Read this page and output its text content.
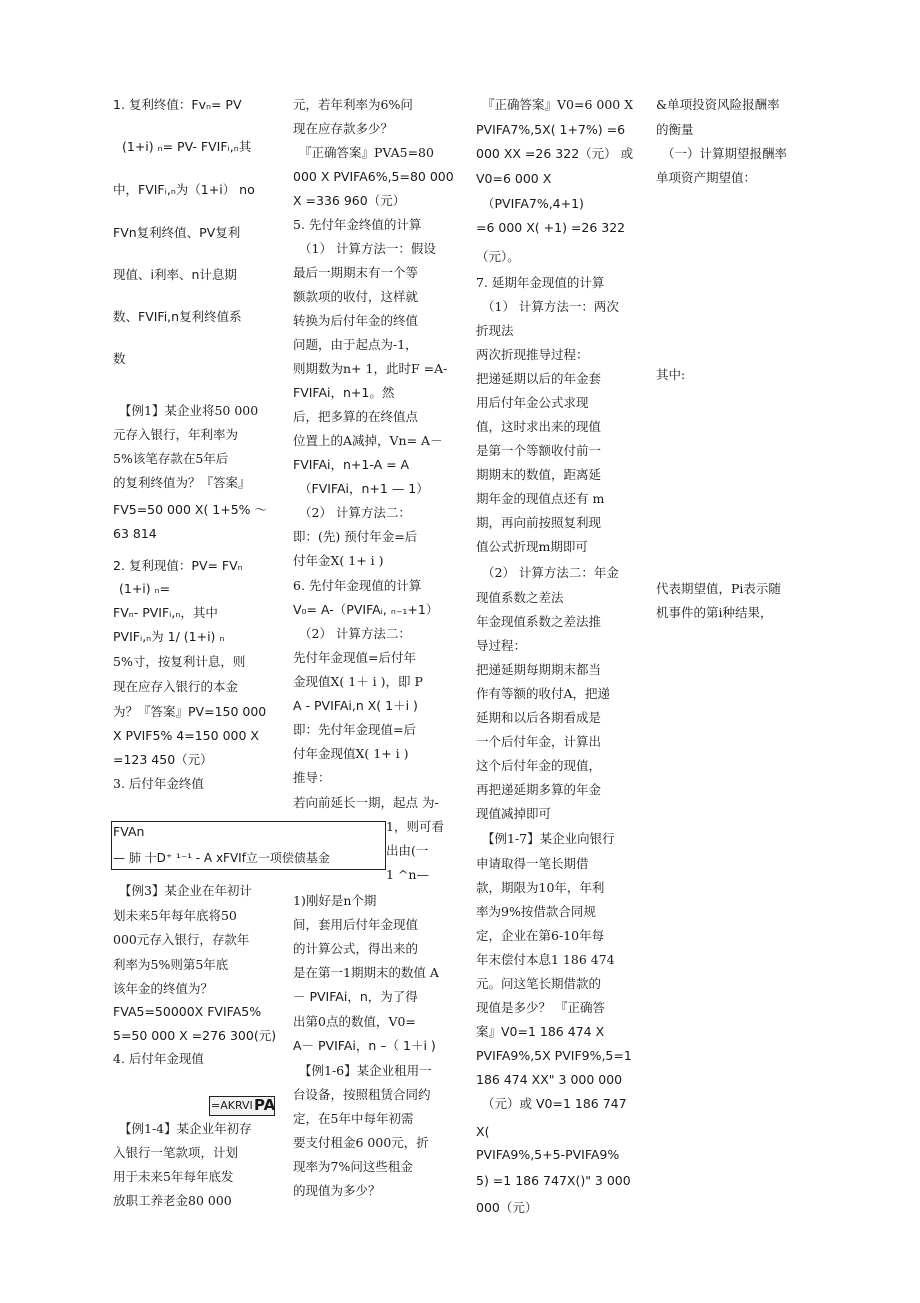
1. 复利终值：Fvₙ= PV
(1+i) ₙ= PV- FVIFᵢ,ₙ其
中，FVIFᵢ,ₙ为（1+i） no
FVn复利终值、PV复利
现值、i利率、n计息期
数、FVIFi,n复利终值系
数
【例1】某企业将50 000
元存入银行，年利率为
5%该笔存款在5年后
的复利终值为？『答案』
FV5=50 000 X( 1+5% ～
63 814
2. 复利现值：PV= FVₙ
(1+i) ₙ=
FVₙ- PVIFᵢ,ₙ，其中
PVIFᵢ,ₙ为 1/ (1+i) ₙ
5%寸，按复利计息，则
现在应存入银行的本金
为？『答案』PV=150 000
X PVIF5% 4=150 000 X
=123 450（元）
3. 后付年金终值
FVAn
— 肺 十D⁺ ¹⁻¹ - A xFVIf立一项偿债基金
【例3】某企业在年初计
划未来5年每年底将50
000元存入银行，存款年
利率为5%则第5年底
该年金的终值为？
FVA5=50000X FVIFA5%
5=50 000 X =276 300(元)
4. 后付年金现值
=AKRVI PA
【例1-4】某企业年初存
入银行一笔款项，计划
用于未来5年每年底发
放职工养老金80 000
元，若年利率为6%问
现在应存款多少？
『正确答案』PVA5=80
000 X PVIFA6%,5=80 000
X =336 960（元）
5. 先付年金终值的计算
（1） 计算方法一：假设
最后一期期末有一个等
额款项的收付，这样就
转换为后付年金的终值
问题，由于起点为-1，
则期数为n+ 1，此时F =A-
FVIFAi，n+1。然
后，把多算的在终值点
位置上的A减掉，Vn= A－
FVIFAi，n+1-A = A
（FVIFAi，n+1 — 1）
（2） 计算方法二：
即：(先) 预付年金=后
付年金X( 1+ i )
6. 先付年金现值的计算
V₀= A-（PVIFAᵢ, ₙ₋₁+1）
（2） 计算方法二：
先付年金现值=后付年
金现值X( 1＋ i )，即 P
A - PVIFAi,n X( 1＋i )
即：先付年金现值=后
付年金现值X( 1+ i )
推导：
若向前延长一期，起点 为-
1，则可看
出由(一
1 ^n—
1)刚好是n个期
间，套用后付年金现值
的计算公式，得出来的
是在第一1期期末的数值 A
－ PVIFAi，n，为了得
出第0点的数值，V0=
A－ PVIFAi，n –（ 1＋i )
【例1-6】某企业租用一
台设备，按照租赁合同约
定，在5年中每年初需
要支付租金6 000元，折
现率为7%问这些租金
的现值为多少？
『正确答案』V0=6 000 X
PVIFA7%,5X( 1+7%) =6
000 XX =26 322（元） 或
V0=6 000 X
（PVIFA7%,4+1)
=6 000 X( +1) =26 322
（元）。
7. 延期年金现值的计算
（1） 计算方法一：两次
折现法
两次折现推导过程：
把递延期以后的年金套
用后付年金公式求现
值，这时求出来的现值
是第一个等额收付前一
期期末的数值，距离延
期年金的现值点还有 m
期，再向前按照复利现
值公式折现m期即可
（2） 计算方法二：年金
现值系数之差法
年金现值系数之差法推
导过程：
把递延期每期期末都当
作有等额的收付A，把递
延期和以后各期看成是
一个后付年金，计算出
这个后付年金的现值，
再把递延期多算的年金
现值减掉即可
【例1-7】某企业向银行
申请取得一笔长期借
款，期限为10年，年利
率为9%按借款合同规
定，企业在第6-10年每
年末偿付本息1 186 474
元。问这笔长期借款的
现值是多少？ 『正确答
案』V0=1 186 474 X
PVIFA9%,5X PVIF9%,5=1
186 474 XX" 3 000 000
（元）或 V0=1 186 747
X(
PVIFA9%,5+5-PVIFA9%
5) =1 186 747X()" 3 000
000（元）
&单项投资风险报酬率
的衡量
（一）计算期望报酬率
单项资产期望值：
其中:
代表期望值，Pi表示随
机事件的第i种结果，
